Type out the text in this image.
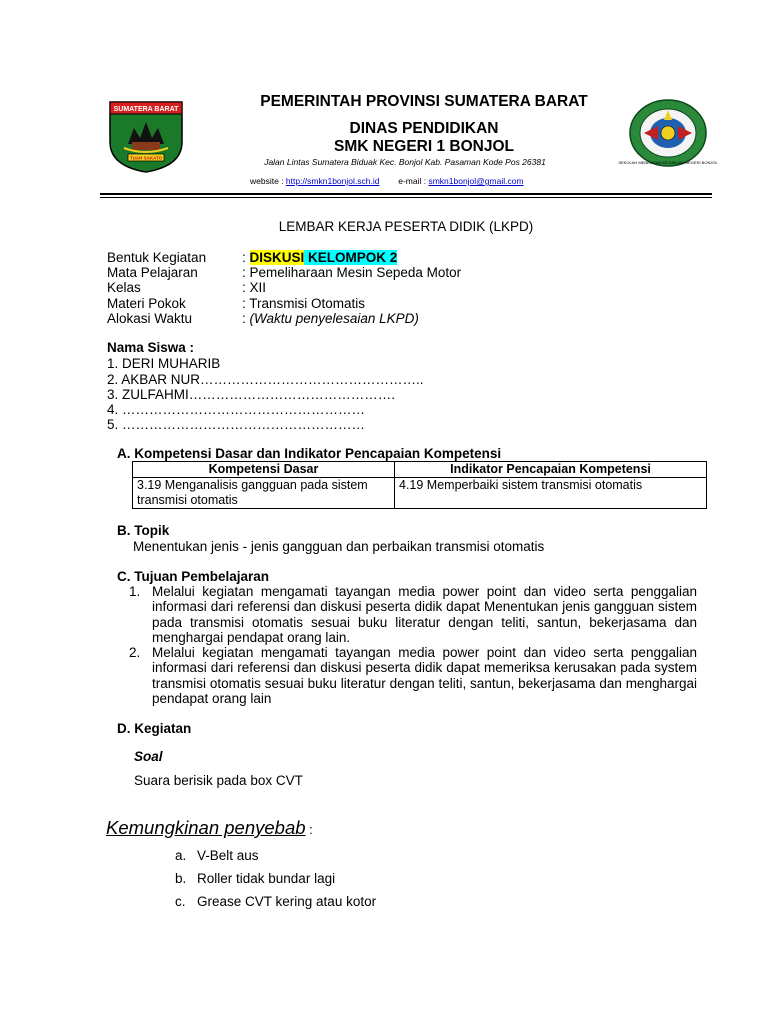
SUMATERA BARAT
TUAH SAKATO
SEKOLAH MENENGAH KEJURUAN NEGERI BONJOL
PEMERINTAH PROVINSI SUMATERA BARAT
DINAS PENDIDIKAN
SMK NEGERI 1 BONJOL
Jalan Lintas Sumatera Biduak Kec. Bonjol Kab. Pasaman Kode Pos 26381
website : http://smkn1bonjol.sch.id e-mail : smkn1bonjol@gmail.com
LEMBAR KERJA PESERTA DIDIK (LKPD)
Bentuk Kegiatan	: DISKUSI KELOMPOK 2
Mata Pelajaran	: Pemeliharaan Mesin Sepeda Motor
Kelas	: XII
Materi Pokok	: Transmisi Otomatis
Alokasi Waktu	: (Waktu penyelesaian LKPD)
Nama Siswa :
1. DERI MUHARIB
2. AKBAR NUR…………………………………………..
3. ZULFAHMI……………………………………….
4. ………………………………………………
5. ………………………………………………
A. Kompetensi Dasar dan Indikator Pencapaian Kompetensi
Kompetensi Dasar	Indikator Pencapaian Kompetensi
3.19 Menganalisis gangguan pada sistem transmisi otomatis	4.19 Memperbaiki sistem transmisi otomatis
B. Topik
Menentukan jenis - jenis gangguan dan perbaikan transmisi otomatis
C. Tujuan Pembelajaran
1. Melalui kegiatan mengamati tayangan media power point dan video serta penggalian informasi dari referensi dan diskusi peserta didik dapat Menentukan jenis gangguan sistem pada transmisi otomatis sesuai buku literatur dengan teliti, santun, bekerjasama dan menghargai pendapat orang lain.
2. Melalui kegiatan mengamati tayangan media power point dan video serta penggalian informasi dari referensi dan diskusi peserta didik dapat memeriksa kerusakan pada system transmisi otomatis sesuai buku literatur dengan teliti, santun, bekerjasama dan menghargai pendapat orang lain
D. Kegiatan
Soal
Suara berisik pada box CVT
Kemungkinan penyebab :
a. V-Belt aus
b. Roller tidak bundar lagi
c. Grease CVT kering atau kotor
